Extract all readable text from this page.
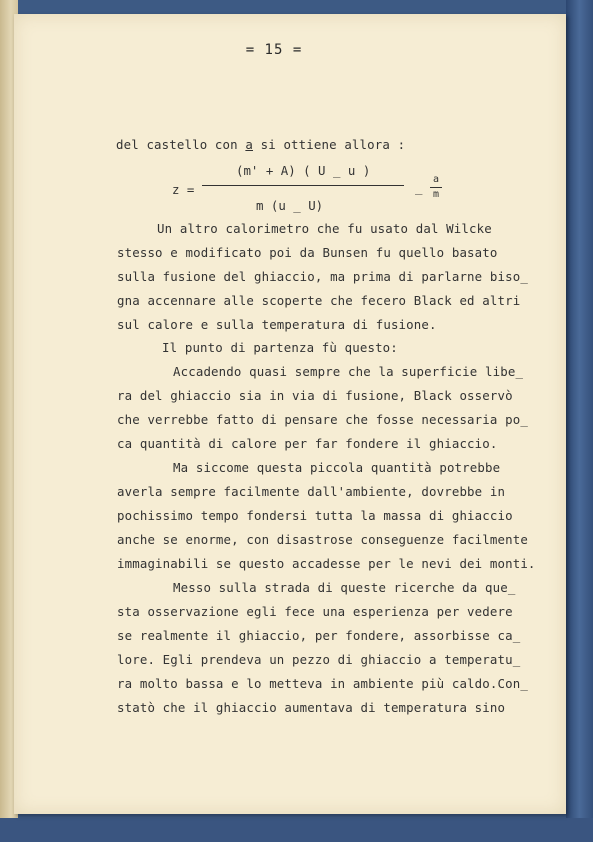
= 15 =
del castello con a si ottiene allora :
z =
(m' + A) ( U _ u )
m (u _ U)
_
a
m
Un altro calorimetro che fu usato dal Wilcke
stesso e modificato poi da Bunsen fu quello basato
sulla fusione del ghiaccio, ma prima di parlarne biso_
gna accennare alle scoperte che fecero Black ed altri
sul calore e sulla temperatura di fusione.
Il punto di partenza fù questo:
Accadendo quasi sempre che la superficie libe_
ra del ghiaccio sia in via di fusione, Black osservò
che verrebbe fatto di pensare che fosse necessaria po_
ca quantità di calore per far fondere il ghiaccio.
Ma siccome questa piccola quantità potrebbe
averla sempre facilmente dall'ambiente, dovrebbe in
pochissimo tempo fondersi tutta la massa di ghiaccio
anche se enorme, con disastrose conseguenze facilmente
immaginabili se questo accadesse per le nevi dei monti.
Messo sulla strada di queste ricerche da que_
sta osservazione egli fece una esperienza per vedere
se realmente il ghiaccio, per fondere, assorbisse ca_
lore. Egli prendeva un pezzo di ghiaccio a temperatu_
ra molto bassa e lo metteva in ambiente più caldo.Con_
statò che il ghiaccio aumentava di temperatura sino
